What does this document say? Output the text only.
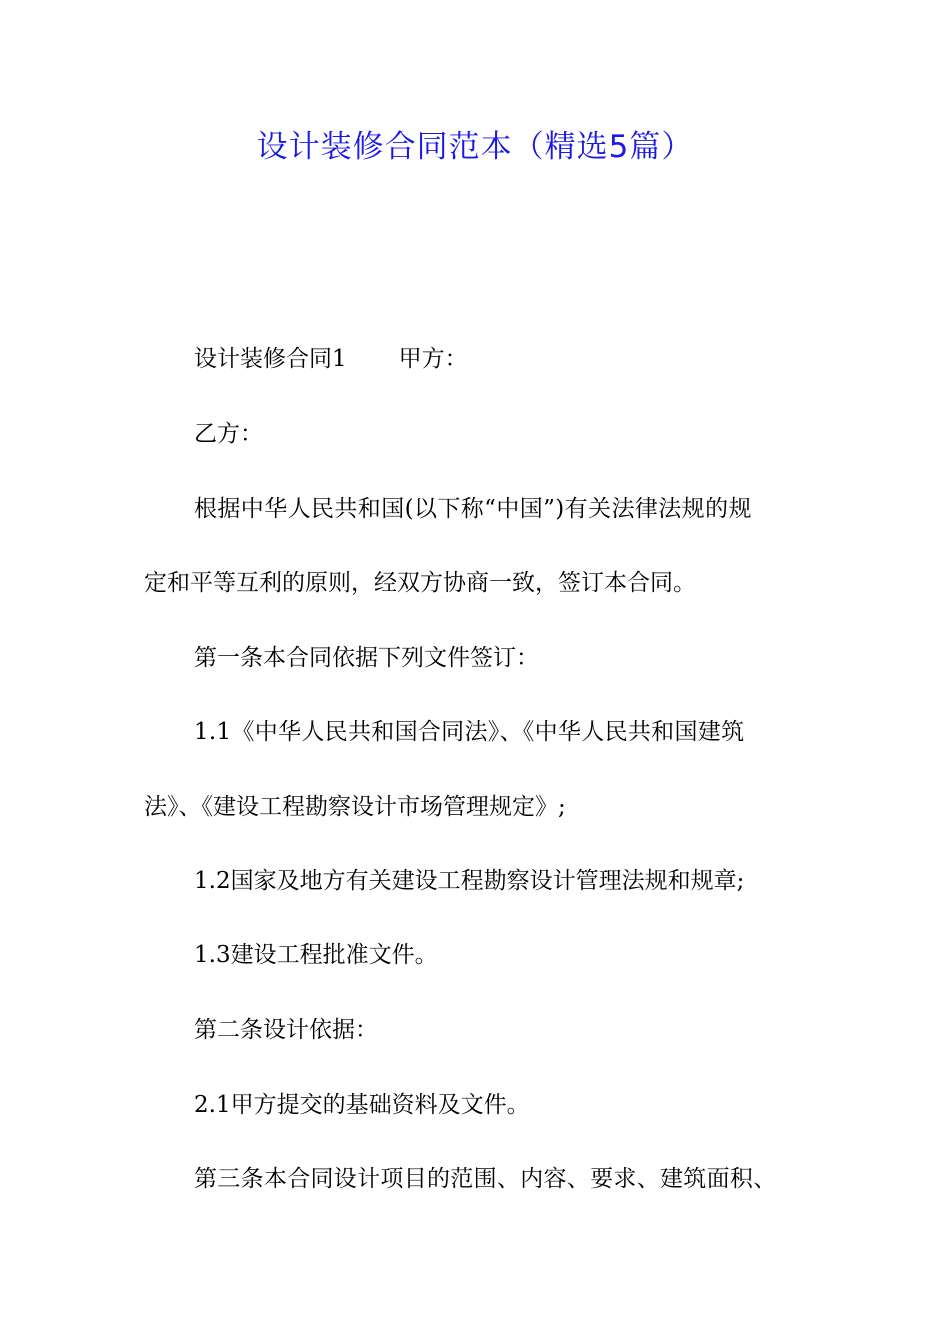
设计装修合同范本（精选5篇）
设计装修合同1 甲方：
乙方：
根据中华人民共和国(以下称“中国”)有关法律法规的规
定和平等互利的原则，经双方协商一致，签订本合同。
第一条本合同依据下列文件签订：
1.1《中华人民共和国合同法》、《中华人民共和国建筑
法》、《建设工程勘察设计市场管理规定》;
1.2国家及地方有关建设工程勘察设计管理法规和规章;
1.3建设工程批准文件。
第二条设计依据：
2.1甲方提交的基础资料及文件。
第三条本合同设计项目的范围、内容、要求、建筑面积、
